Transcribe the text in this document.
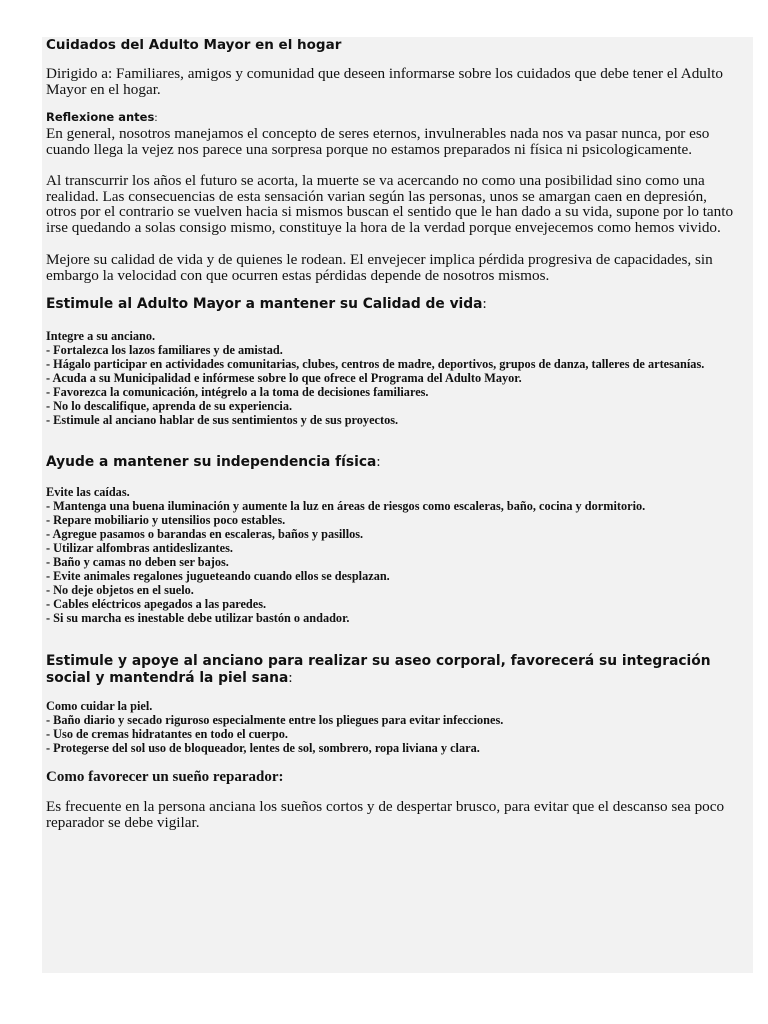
Cuidados del Adulto Mayor en el hogar

Dirigido a: Familiares, amigos y comunidad que deseen informarse sobre los cuidados que debe tener el Adulto Mayor en el hogar.

Reflexione antes:

En general, nosotros manejamos el concepto de seres eternos, invulnerables nada nos va pasar nunca, por eso cuando llega la vejez nos parece una sorpresa porque no estamos preparados ni física ni psicologicamente.

Al transcurrir los años el futuro se acorta, la muerte se va acercando no como una posibilidad sino como una realidad. Las consecuencias de esta sensación varian según las personas, unos se amargan caen en depresión, otros por el contrario se vuelven hacia si mismos buscan el sentido que le han dado a su vida, supone por lo tanto irse quedando a solas consigo mismo, constituye la hora de la verdad porque envejecemos como hemos vivido.

Mejore su calidad de vida y de quienes le rodean. El envejecer implica pérdida progresiva de capacidades, sin embargo la velocidad con que ocurren estas pérdidas depende de nosotros mismos.

Estimule al Adulto Mayor a mantener su Calidad de vida:
Integre a su anciano.
- Fortalezca los lazos familiares y de amistad.
- Hágalo participar en actividades comunitarias, clubes, centros de madre, deportivos, grupos de danza, talleres de artesanías.
- Acuda a su Municipalidad e infórmese sobre lo que ofrece el Programa del Adulto Mayor.
- Favorezca la comunicación, intégrelo a la toma de decisiones familiares.
- No lo descalifique, aprenda de su experiencia.
- Estimule al anciano hablar de sus sentimientos y de sus proyectos.
Ayude a mantener su independencia física:
Evite las caídas.
- Mantenga una buena iluminación y aumente la luz en áreas de riesgos como escaleras, baño, cocina y dormitorio.
- Repare mobiliario y utensilios poco estables.
- Agregue pasamos o barandas en escaleras, baños y pasillos.
- Utilizar alfombras antideslizantes.
- Baño y camas no deben ser bajos.
- Evite animales regalones jugueteando cuando ellos se desplazan.
- No deje objetos en el suelo.
- Cables eléctricos apegados a las paredes.
- Si su marcha es inestable debe utilizar bastón o andador.
Estimule y apoye al anciano para realizar su aseo corporal, favorecerá su integración social y mantendrá la piel sana:
Como cuidar la piel.
- Baño diario y secado riguroso especialmente entre los pliegues para evitar infecciones.
- Uso de cremas hidratantes en todo el cuerpo.
- Protegerse del sol uso de bloqueador, lentes de sol, sombrero, ropa liviana y clara.
Como favorecer un sueño reparador:

Es frecuente en la persona anciana los sueños cortos y de despertar brusco, para evitar que el descanso sea poco reparador se debe vigilar.
